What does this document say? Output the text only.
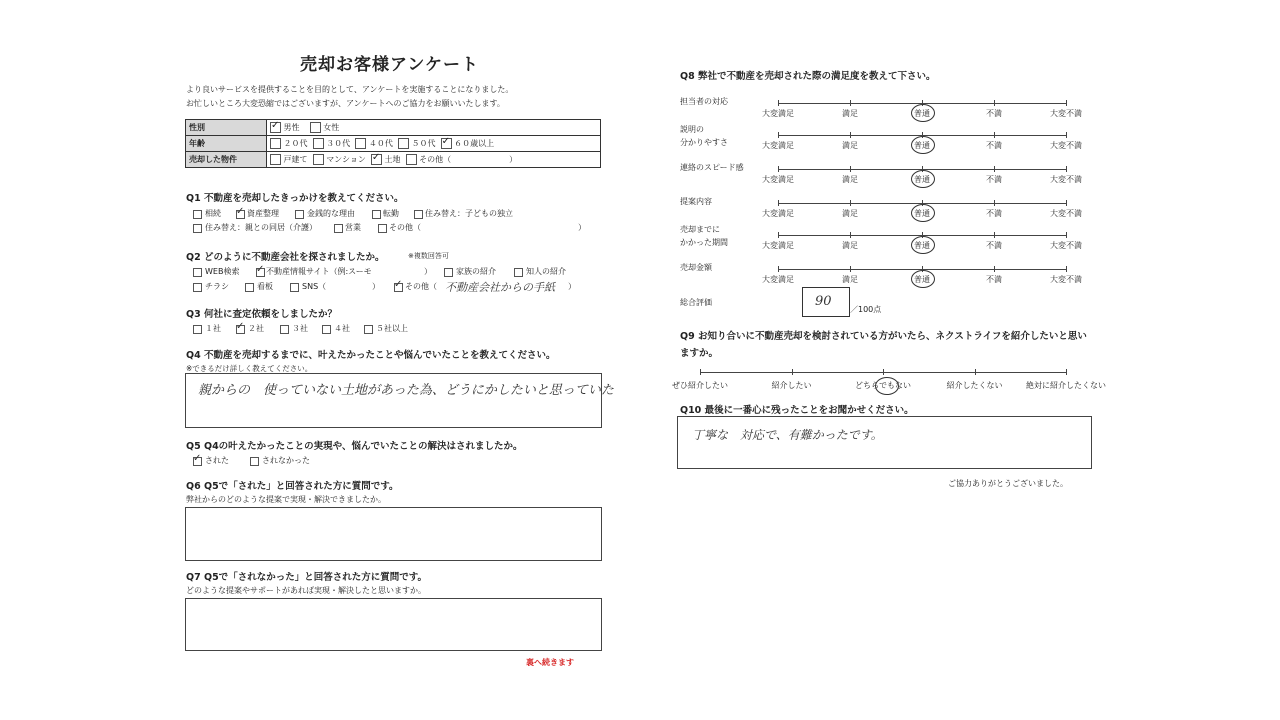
売却お客様アンケート
より良いサービスを提供することを目的として、アンケートを実施することになりました。
お忙しいところ大変恐縮ではございますが、アンケートへのご協力をお願いいたします。
性別	✓ 男性 女性
年齢	２０代 ３０代 ４０代 ５０代 ✓ ６０歳以上
売却した物件	戸建て マンション ✓ 土地 その他（ ）
Q1 不動産を売却したきっかけを教えてください。
相続 ✓ 資産整理	金銭的な理由	転勤	住み替え：子どもの独立
住み替え：親との同居（介護）	営業	その他（	）
Q2 どのように不動産会社を探されましたか。	※複数回答可
WEB検索 ✓ 不動産情報サイト（例:スーモ	）	家族の紹介	知人の紹介
チラシ	看板	SNS（	） ✓ その他（ 不動産会社からの手紙 ）
Q3 何社に査定依頼をしましたか？
１社 ✓ ２社	３社	４社	５社以上
Q4 不動産を売却するまでに、叶えたかったことや悩んでいたことを教えてください。
※できるだけ詳しく教えてください。
親からの　使っていない土地があった為、どうにかしたいと思っていた
Q5 Q4の叶えたかったことの実現や、悩んでいたことの解決はされましたか。
✓ された	されなかった
Q6 Q5で「された」と回答された方に質問です。
弊社からのどのような提案で実現・解決できましたか。
Q7 Q5で「されなかった」と回答された方に質問です。
どのような提案やサポートがあれば実現・解決したと思いますか。
裏へ続きます
Q8 弊社で不動産を売却された際の満足度を教えて下さい。
担当者の対応
大変満足	満足	普通	不満	大変不満
説明の
分かりやすさ	大変満足	満足	普通	不満	大変不満
連絡のスピード感
大変満足	満足	普通	不満	大変不満
提案内容
大変満足	満足	普通	不満	大変不満
売却までに
かかった期間	大変満足	満足	普通	不満	大変不満
売却金額
大変満足	満足	普通	不満	大変不満
総合評価	90
／100点
Q9 お知り合いに不動産売却を検討されている方がいたら、ネクストライフを紹介したいと思い
ますか。
ぜひ紹介したい	紹介したい	どちらでもない	紹介したくない	絶対に紹介したくない
Q10 最後に一番心に残ったことをお聞かせください。
丁寧な　対応で、有難かったです。
ご協力ありがとうございました。
